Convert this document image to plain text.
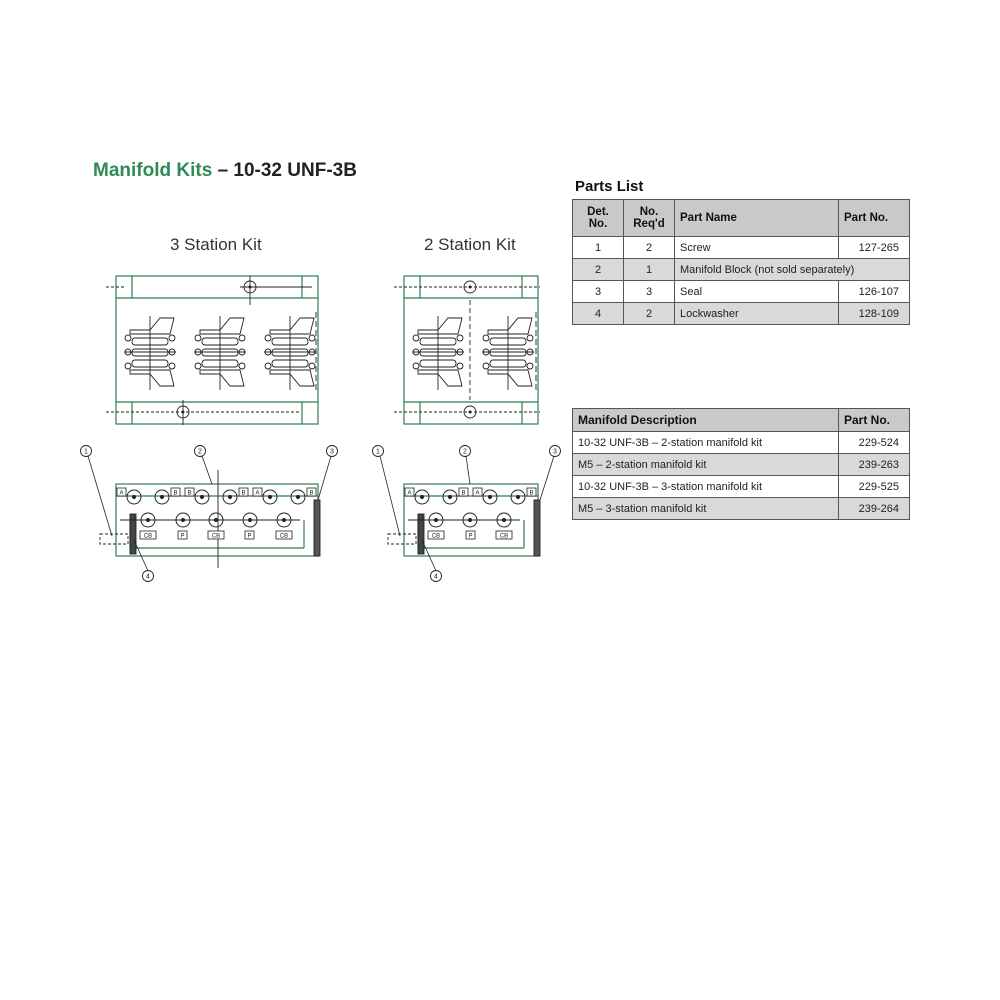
Manifold Kits – 10-32 UNF-3B
3 Station Kit	2 Station Kit
A	B B	B A	B
CB	P	CB	P	CB
A	B A	B
CB	P	CB
1	2	3
4
1	2	3
4
Parts List
Det. No.	No. Req'd	Part Name	Part No.
1	2	Screw	127-265
2	1	Manifold Block (not sold separately)	
3	3	Seal	126-107
4	2	Lockwasher	128-109
Manifold Description	Part No.
10-32 UNF-3B – 2-station manifold kit	229-524
M5 – 2-station manifold kit	239-263
10-32 UNF-3B – 3-station manifold kit	229-525
M5 – 3-station manifold kit	239-264
